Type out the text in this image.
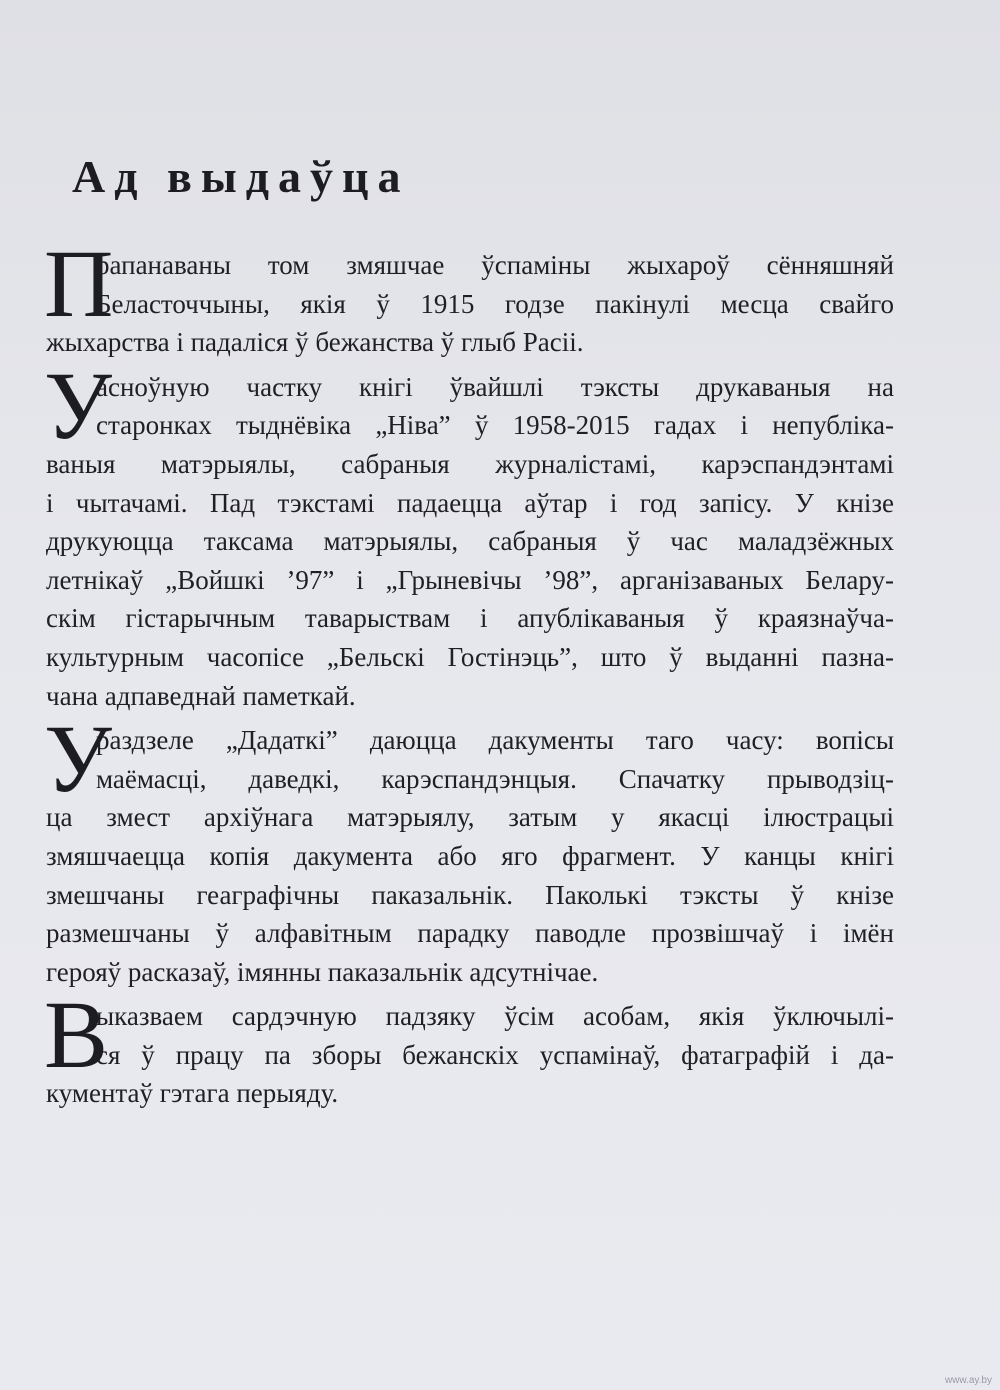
Ад выдаўца
П
рапанаваны том змяшчае ўспаміны жыхароў сённяшняй
Беласточчыны, якія ў 1915 годзе пакінулі месца свайго
жыхарства і падаліся ў бежанства ў глыб Расіі.
У
асноўную частку кнігі ўвайшлі тэксты друкаваныя на
старонках тыднёвіка „Ніва” ў 1958-2015 гадах і непубліка-
ваныя матэрыялы, сабраныя журналістамі, карэспандэнтамі
і чытачамі. Пад тэкстамі падаецца аўтар і год запісу. У кнізе
друкуюцца таксама матэрыялы, сабраныя ў час маладзёжных
летнікаў „Войшкі ’97” і „Грыневічы ’98”, арганізаваных Белару-
скім гістарычным таварыствам і апублікаваныя ў краязнаўча-
культурным часопісе „Бельскі Гостінэць”, што ў выданні пазна-
чана адпаведнай паметкай.
У
раздзеле „Дадаткі” даюцца дакументы таго часу: вопісы
маёмасці, даведкі, карэспандэнцыя. Спачатку прыводзіц-
ца змест архіўнага матэрыялу, затым у якасці ілюстрацыі
змяшчаецца копія дакумента або яго фрагмент. У канцы кнігі
змешчаны геаграфічны паказальнік. Паколькі тэксты ў кнізе
размешчаны ў алфавітным парадку паводле прозвішчаў і імён
герояў расказаў, імянны паказальнік адсутнічае.
В
ыказваем сардэчную падзяку ўсім асобам, якія ўключылі-
ся ў працу па зборы бежанскіх успамінаў, фатаграфій і да-
кументаў гэтага перыяду.
www.ay.by
